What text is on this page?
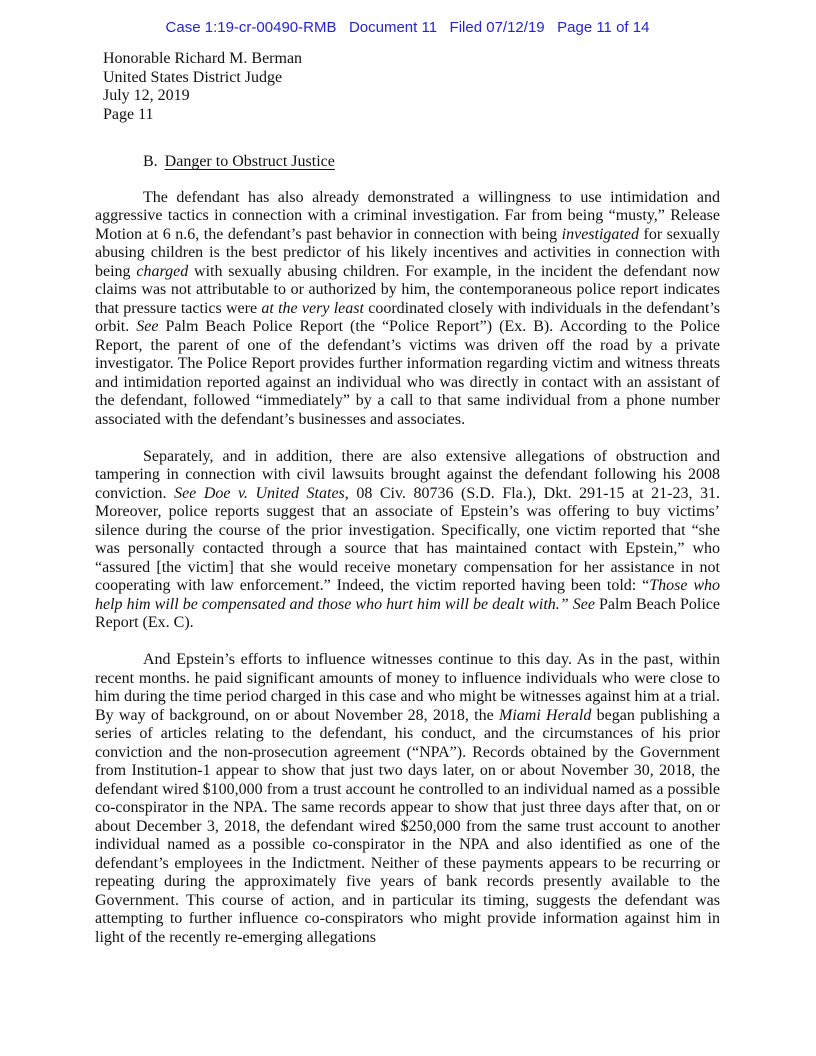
Case 1:19-cr-00490-RMB   Document 11   Filed 07/12/19   Page 11 of 14
Honorable Richard M. Berman
United States District Judge
July 12, 2019
Page 11
B. Danger to Obstruct Justice

The defendant has also already demonstrated a willingness to use intimidation and aggressive tactics in connection with a criminal investigation. Far from being “musty,” Release Motion at 6 n.6, the defendant’s past behavior in connection with being investigated for sexually abusing children is the best predictor of his likely incentives and activities in connection with being charged with sexually abusing children. For example, in the incident the defendant now claims was not attributable to or authorized by him, the contemporaneous police report indicates that pressure tactics were at the very least coordinated closely with individuals in the defendant’s orbit. See Palm Beach Police Report (the “Police Report”) (Ex. B). According to the Police Report, the parent of one of the defendant’s victims was driven off the road by a private investigator. The Police Report provides further information regarding victim and witness threats and intimidation reported against an individual who was directly in contact with an assistant of the defendant, followed “immediately” by a call to that same individual from a phone number associated with the defendant’s businesses and associates.

Separately, and in addition, there are also extensive allegations of obstruction and tampering in connection with civil lawsuits brought against the defendant following his 2008 conviction. See Doe v. United States, 08 Civ. 80736 (S.D. Fla.), Dkt. 291-15 at 21-23, 31. Moreover, police reports suggest that an associate of Epstein’s was offering to buy victims’ silence during the course of the prior investigation. Specifically, one victim reported that “she was personally contacted through a source that has maintained contact with Epstein,” who “assured [the victim] that she would receive monetary compensation for her assistance in not cooperating with law enforcement.” Indeed, the victim reported having been told: “Those who help him will be compensated and those who hurt him will be dealt with.” See Palm Beach Police Report (Ex. C).

And Epstein’s efforts to influence witnesses continue to this day. As in the past, within recent months. he paid significant amounts of money to influence individuals who were close to him during the time period charged in this case and who might be witnesses against him at a trial. By way of background, on or about November 28, 2018, the Miami Herald began publishing a series of articles relating to the defendant, his conduct, and the circumstances of his prior conviction and the non-prosecution agreement (“NPA”). Records obtained by the Government from Institution-1 appear to show that just two days later, on or about November 30, 2018, the defendant wired $100,000 from a trust account he controlled to an individual named as a possible co-conspirator in the NPA. The same records appear to show that just three days after that, on or about December 3, 2018, the defendant wired $250,000 from the same trust account to another individual named as a possible co-conspirator in the NPA and also identified as one of the defendant’s employees in the Indictment. Neither of these payments appears to be recurring or repeating during the approximately five years of bank records presently available to the Government. This course of action, and in particular its timing, suggests the defendant was attempting to further influence co-conspirators who might provide information against him in light of the recently re-emerging allegations
